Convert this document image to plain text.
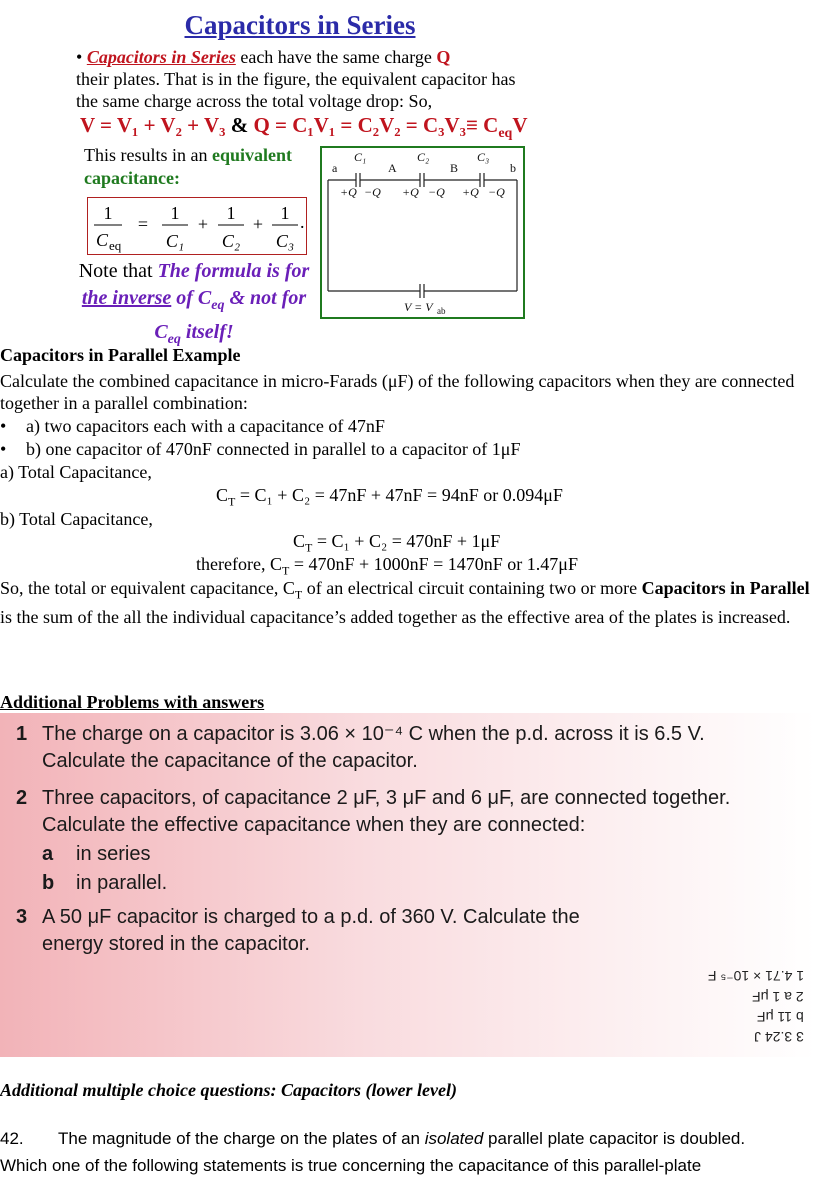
Capacitors in Series
• Capacitors in Series each have the same charge Q
their plates. That is in the figure, the equivalent capacitor has the same charge across the total voltage drop: So,
V = V₁ + V₂ + V₃ & $Q = C_1V_1 = C_2V_2 = C_3V_3\equiv C_{eq}V$
This results in an equivalent capacitance:
1
C eq
=
1
C₁
+
1
C₂
+
1
C₃
.
Note that The formula is for the inverse of $C_{eq}$ & not for $C_{eq}$ itself!
a	b
A	B
C₁	C₂	C₃
+Q −Q +Q −Q +Q −Q
V = V ab
Capacitors in Parallel Example
Calculate the combined capacitance in micro-Farads (μF) of the following capacitors when they are connected together in a parallel combination:
• a) two capacitors each with a capacitance of 47nF
• b) one capacitor of 470nF connected in parallel to a capacitor of 1μF
a) Total Capacitance,
$C_T = C_1 + C_2 = 47nF + 47nF = 94nF$ or 0.094μF
b) Total Capacitance,
$C_T = C_1 + C_2 = 470nF + 1\mu F$
therefore, $C_T = 470nF + 1000nF = 1470nF$ or 1.47μF
So, the total or equivalent capacitance, $C_T$ of an electrical circuit containing two or more Capacitors in Parallel is the sum of the all the individual capacitance’s added together as the effective area of the plates is increased.
Additional Problems with answers
1 The charge on a capacitor is 3.06 × 10⁻⁴ C when the p.d. across it is 6.5 V. Calculate the capacitance of the capacitor.
2 Three capacitors, of capacitance 2 μF, 3 μF and 6 μF, are connected together. Calculate the effective capacitance when they are connected:
a in series
b in parallel.
3 A 50 μF capacitor is charged to a p.d. of 360 V. Calculate the energy stored in the capacitor.
1 4.71 × 10⁻⁵ F
2 a 1 μF
b 11 μF
3 3.24 J
Additional multiple choice questions: Capacitors (lower level)
42. The magnitude of the charge on the plates of an isolated parallel plate capacitor is doubled.
Which one of the following statements is true concerning the capacitance of this parallel-plate
